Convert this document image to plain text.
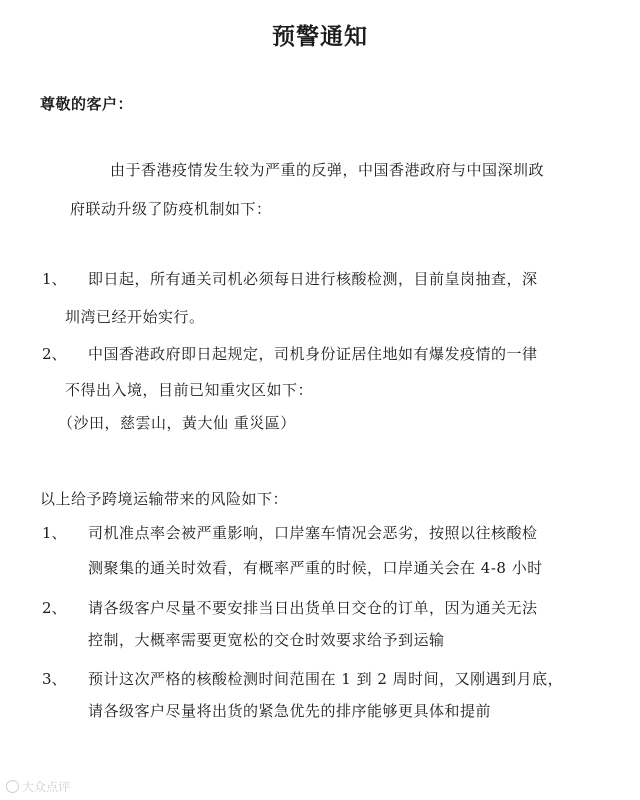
预警通知
尊敬的客户：
由于香港疫情发生较为严重的反弹，中国香港政府与中国深圳政
府联动升级了防疫机制如下：
1、 即日起，所有通关司机必须每日进行核酸检测，目前皇岗抽查，深
圳湾已经开始实行。
2、 中国香港政府即日起规定，司机身份证居住地如有爆发疫情的一律
不得出入境，目前已知重灾区如下：
（沙田，慈雲山，黃大仙 重災區）
以上给予跨境运输带来的风险如下：
1、 司机准点率会被严重影响，口岸塞车情况会恶劣，按照以往核酸检
测聚集的通关时效看，有概率严重的时候，口岸通关会在 4-8 小时
2、 请各级客户尽量不要安排当日出货单日交仓的订单，因为通关无法
控制，大概率需要更宽松的交仓时效要求给予到运输
3、 预计这次严格的核酸检测时间范围在 1 到 2 周时间，又刚遇到月底，
请各级客户尽量将出货的紧急优先的排序能够更具体和提前
大众点评
